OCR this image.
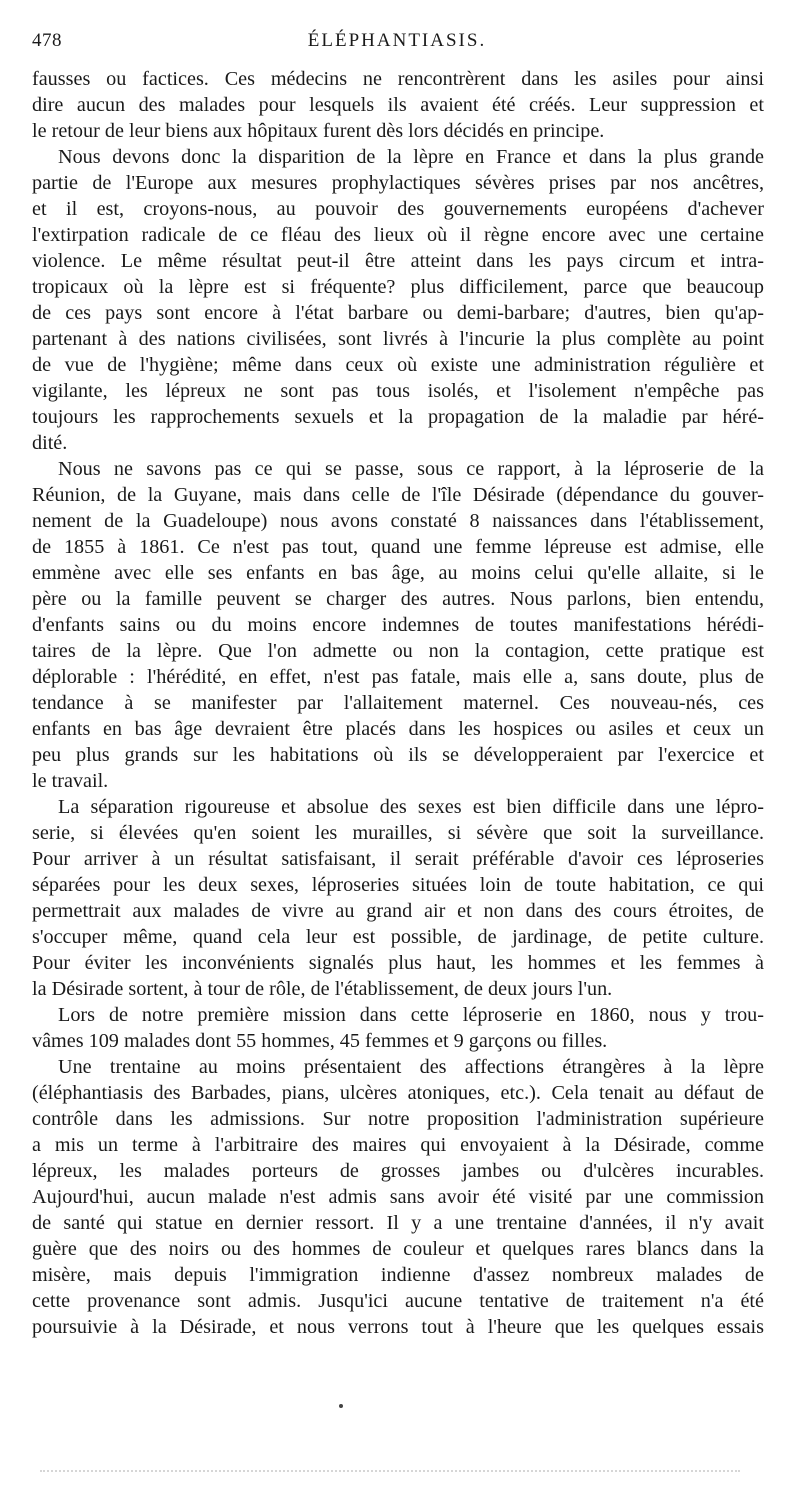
478	ÉLÉPHANTIASIS.
fausses ou factices. Ces médecins ne rencontrèrent dans les asiles pour ainsi
dire aucun des malades pour lesquels ils avaient été créés. Leur suppression et
le retour de leur biens aux hôpitaux furent dès lors décidés en principe.
Nous devons donc la disparition de la lèpre en France et dans la plus grande
partie de l'Europe aux mesures prophylactiques sévères prises par nos ancêtres,
et il est, croyons-nous, au pouvoir des gouvernements européens d'achever
l'extirpation radicale de ce fléau des lieux où il règne encore avec une certaine
violence. Le même résultat peut-il être atteint dans les pays circum et intra-
tropicaux où la lèpre est si fréquente? plus difficilement, parce que beaucoup
de ces pays sont encore à l'état barbare ou demi-barbare; d'autres, bien qu'ap-
partenant à des nations civilisées, sont livrés à l'incurie la plus complète au point
de vue de l'hygiène; même dans ceux où existe une administration régulière et
vigilante, les lépreux ne sont pas tous isolés, et l'isolement n'empêche pas
toujours les rapprochements sexuels et la propagation de la maladie par héré-
dité.
Nous ne savons pas ce qui se passe, sous ce rapport, à la léproserie de la
Réunion, de la Guyane, mais dans celle de l'île Désirade (dépendance du gouver-
nement de la Guadeloupe) nous avons constaté 8 naissances dans l'établissement,
de 1855 à 1861. Ce n'est pas tout, quand une femme lépreuse est admise, elle
emmène avec elle ses enfants en bas âge, au moins celui qu'elle allaite, si le
père ou la famille peuvent se charger des autres. Nous parlons, bien entendu,
d'enfants sains ou du moins encore indemnes de toutes manifestations hérédi-
taires de la lèpre. Que l'on admette ou non la contagion, cette pratique est
déplorable : l'hérédité, en effet, n'est pas fatale, mais elle a, sans doute, plus de
tendance à se manifester par l'allaitement maternel. Ces nouveau-nés, ces
enfants en bas âge devraient être placés dans les hospices ou asiles et ceux un
peu plus grands sur les habitations où ils se développeraient par l'exercice et
le travail.
La séparation rigoureuse et absolue des sexes est bien difficile dans une lépro-
serie, si élevées qu'en soient les murailles, si sévère que soit la surveillance.
Pour arriver à un résultat satisfaisant, il serait préférable d'avoir ces léproseries
séparées pour les deux sexes, léproseries situées loin de toute habitation, ce qui
permettrait aux malades de vivre au grand air et non dans des cours étroites, de
s'occuper même, quand cela leur est possible, de jardinage, de petite culture.
Pour éviter les inconvénients signalés plus haut, les hommes et les femmes à
la Désirade sortent, à tour de rôle, de l'établissement, de deux jours l'un.
Lors de notre première mission dans cette léproserie en 1860, nous y trou-
vâmes 109 malades dont 55 hommes, 45 femmes et 9 garçons ou filles.
Une trentaine au moins présentaient des affections étrangères à la lèpre
(éléphantiasis des Barbades, pians, ulcères atoniques, etc.). Cela tenait au défaut de
contrôle dans les admissions. Sur notre proposition l'administration supérieure
a mis un terme à l'arbitraire des maires qui envoyaient à la Désirade, comme
lépreux, les malades porteurs de grosses jambes ou d'ulcères incurables.
Aujourd'hui, aucun malade n'est admis sans avoir été visité par une commission
de santé qui statue en dernier ressort. Il y a une trentaine d'années, il n'y avait
guère que des noirs ou des hommes de couleur et quelques rares blancs dans la
misère, mais depuis l'immigration indienne d'assez nombreux malades de
cette provenance sont admis. Jusqu'ici aucune tentative de traitement n'a été
poursuivie à la Désirade, et nous verrons tout à l'heure que les quelques essais
